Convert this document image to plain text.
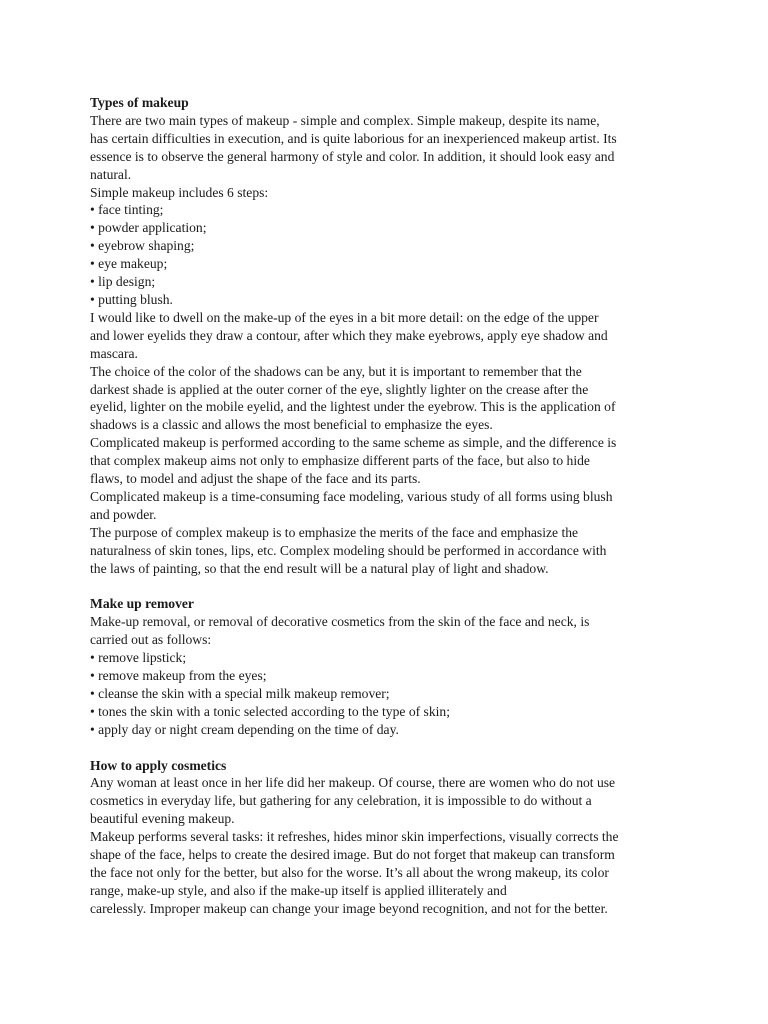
Types of makeup
There are two main types of makeup - simple and complex. Simple makeup, despite its name,
has certain difficulties in execution, and is quite laborious for an inexperienced makeup artist. Its
essence is to observe the general harmony of style and color. In addition, it should look easy and
natural.
Simple makeup includes 6 steps:
• face tinting;
• powder application;
• eyebrow shaping;
• eye makeup;
• lip design;
• putting blush.
I would like to dwell on the make-up of the eyes in a bit more detail: on the edge of the upper
and lower eyelids they draw a contour, after which they make eyebrows, apply eye shadow and
mascara.
The choice of the color of the shadows can be any, but it is important to remember that the
darkest shade is applied at the outer corner of the eye, slightly lighter on the crease after the
eyelid, lighter on the mobile eyelid, and the lightest under the eyebrow. This is the application of
shadows is a classic and allows the most beneficial to emphasize the eyes.
Complicated makeup is performed according to the same scheme as simple, and the difference is
that complex makeup aims not only to emphasize different parts of the face, but also to hide
flaws, to model and adjust the shape of the face and its parts.
Complicated makeup is a time-consuming face modeling, various study of all forms using blush
and powder.
The purpose of complex makeup is to emphasize the merits of the face and emphasize the
naturalness of skin tones, lips, etc. Complex modeling should be performed in accordance with
the laws of painting, so that the end result will be a natural play of light and shadow.
Make up remover
Make-up removal, or removal of decorative cosmetics from the skin of the face and neck, is
carried out as follows:
• remove lipstick;
• remove makeup from the eyes;
• cleanse the skin with a special milk makeup remover;
• tones the skin with a tonic selected according to the type of skin;
• apply day or night cream depending on the time of day.
How to apply cosmetics
Any woman at least once in her life did her makeup. Of course, there are women who do not use
cosmetics in everyday life, but gathering for any celebration, it is impossible to do without a
beautiful evening makeup.
Makeup performs several tasks: it refreshes, hides minor skin imperfections, visually corrects the
shape of the face, helps to create the desired image. But do not forget that makeup can transform
the face not only for the better, but also for the worse. It’s all about the wrong makeup, its color
range, make-up style, and also if the make-up itself is applied illiterately and
carelessly. Improper makeup can change your image beyond recognition, and not for the better.
